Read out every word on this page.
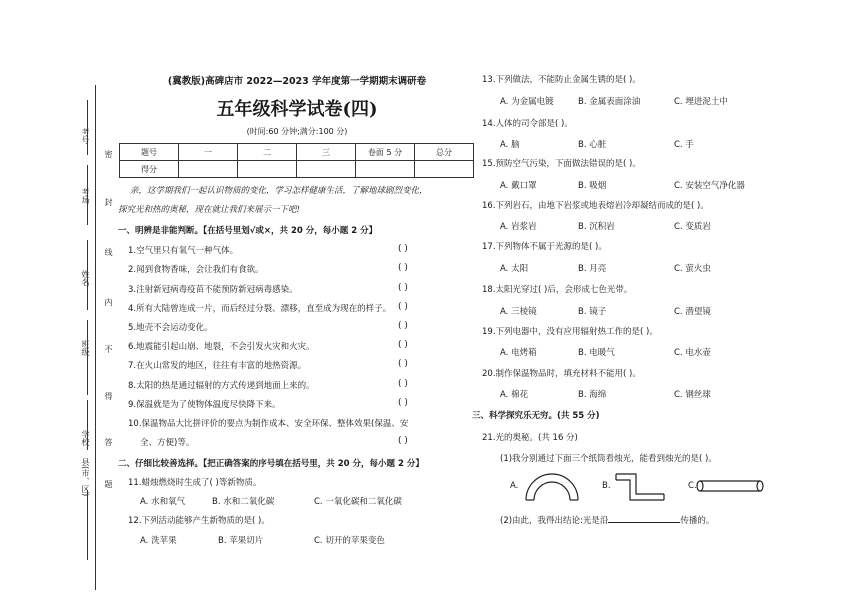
考号
考场
姓名
班级
学校
县(市、区)
密
封
线
内
不
得
答
题
(冀教版)高碑店市 2022—2023 学年度第一学期期末调研卷
五年级科学试卷(四)
(时间:60 分钟;满分:100 分)
题号	一	二	三	卷面 5 分	总分
得分					
亲，这学期我们一起认识物质的变化，学习怎样健康生活，了解地球剧烈变化，探究光和热的奥秘，现在就让我们来展示一下吧!
一、明辨是非能判断。【在括号里划√或×，共 20 分，每小题 2 分】
1.空气里只有氧气一种气体。
2.闻到食物香味，会让我们有食欲。
3.注射新冠病毒疫苗不能预防新冠病毒感染。
4.所有大陆曾连成一片，而后经过分裂、漂移，直至成为现在的样子。
5.地壳不会运动变化。
6.地震能引起山崩、地裂，不会引发火灾和火灾。
7.在火山常发的地区，往往有丰富的地热资源。
8.太阳的热是通过辐射的方式传递到地面上来的。
9.保温就是为了使物体温度尽快降下来。
10.保温物品大比拼评价的要点为制作成本、安全环保、整体效果(保温、安
全、方便)等。
( )
( )
( )
( )
( )
( )
( )
( )
( )
( )
二、仔细比较善选择。【把正确答案的序号填在括号里，共 20 分，每小题 2 分】
11.蜡烛燃烧时生成了( )等新物质。
A. 水和氧气	B. 水和二氧化碳	C. 一氧化碳和二氧化碳
12.下列活动能够产生新物质的是( )。
A. 洗苹果	B. 苹果切片	C. 切开的苹果变色
13.下列做法，不能防止金属生锈的是( )。
A. 为金属电镀	B. 金属表面涂油	C. 埋进泥土中
14.人体的司令部是( )。
A. 脑	B. 心脏	C. 手
15.预防空气污染，下面做法错误的是( )。
A. 戴口罩	B. 吸烟	C. 安装空气净化器
16.下列岩石，由地下岩浆或地表熔岩冷却凝结而成的是( )。
A. 岩浆岩	B. 沉积岩	C. 变质岩
17.下列物体不属于光源的是( )。
A. 太阳	B. 月亮	C. 萤火虫
18.太阳光穿过( )后，会形成七色光带。
A. 三棱镜	B. 镜子	C. 潜望镜
19.下列电器中，没有应用辐射热工作的是( )。
A. 电烤箱	B. 电暖气	C. 电水壶
20.制作保温物品时，填充材料不能用( )。
A. 棉花	B. 海绵	C. 钢丝球
三、科学探究乐无穷。(共 55 分)
21.光的奥秘。(共 16 分)
(1)我分别通过下面三个纸筒看烛光，能看到烛光的是( )。
A.	B.	C.
(2)由此，我得出结论:光是沿	传播的。
